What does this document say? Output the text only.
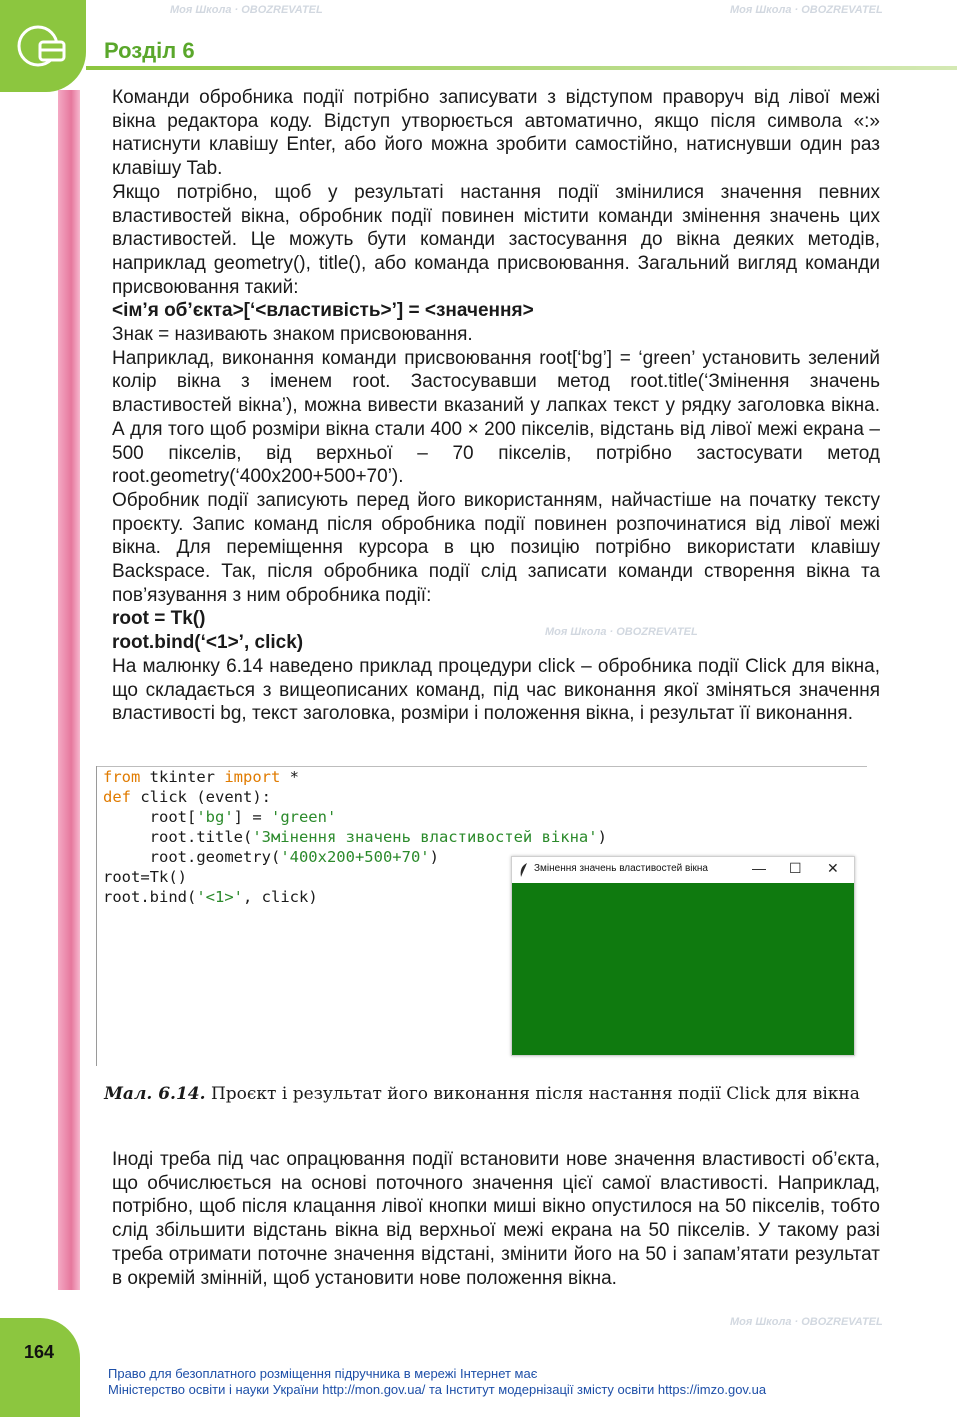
Розділ 6

Команди обробника події потрібно записувати з відступом праворуч від лівої межі вікна редактора коду. Відступ утворюється автоматично, якщо після символа «:» натиснути клавішу Enter, або його можна зробити самостійно, натиснувши один раз клавішу Tab.

Якщо потрібно, щоб у результаті настання події змінилися значення певних властивостей вікна, обробник події повинен містити команди змінення значень цих властивостей. Це можуть бути команди застосування до вікна деяких методів, наприклад geometry(), title(), або команда присвоювання. Загальний вигляд команди присвоювання такий:

<ім’я об’єкта>[‘<властивість>’] = <значення>

Знак = називають знаком присвоювання.

Наприклад, виконання команди присвоювання root[‘bg’] = ‘green’ установить зелений колір вікна з іменем root. Застосувавши метод root.title(‘Змінення значень властивостей вікна’), можна вивести вказаний у лапках текст у рядку заголовка вікна. А для того щоб розміри вікна стали 400 × 200 пікселів, відстань від лівої межі екрана – 500 пікселів, від верхньої – 70 пікселів, потрібно застосувати метод root.geometry(‘400x200+500+70’).

Обробник події записують перед його використанням, найчастіше на початку тексту проєкту. Запис команд після обробника події повинен розпочинатися від лівої межі вікна. Для переміщення курсора в цю позицію потрібно використати клавішу Backspace. Так, після обробника події слід записати команди створення вікна та пов’язування з ним обробника події:

root = Tk()

root.bind(‘<1>’, click)

На малюнку 6.14 наведено приклад процедури click – обробника події Click для вікна, що складається з вищеописаних команд, під час виконання якої зміняться значення властивості bg, текст заголовка, розміри і положення вікна, і результат її виконання.

from tkinter import *
def click (event):
root['bg'] = 'green'
root.title('Змінення значень властивостей вікна')
root.geometry('400x200+500+70')
root=Tk()
root.bind('<1>', click)
Змінення значень властивостей вікна	— ☐ ✕
Мал. 6.14. Проєкт і результат його виконання після настання події Click для вікна

Іноді треба під час опрацювання події встановити нове значення властивості об’єкта, що обчислюється на основі поточного значення цієї самої властивості. Наприклад, потрібно, щоб після клацання лівої кнопки миші вікно опустилося на 50 пікселів, тобто слід збільшити відстань вікна від верхньої межі екрана на 50 пікселів. У такому разі треба отримати поточне значення відстані, змінити його на 50 і запам’ятати результат в окремій змінній, щоб установити нове положення вікна.

164
Право для безоплатного розміщення підручника в мережі Інтернет має
Міністерство освіти і науки України http://mon.gov.ua/ та Інститут модернізації змісту освіти https://imzo.gov.ua
Моя Школа · OBOZREVATEL	Моя Школа · OBOZREVATEL
Моя Школа · OBOZREVATEL
Моя Школа · OBOZREVATEL
